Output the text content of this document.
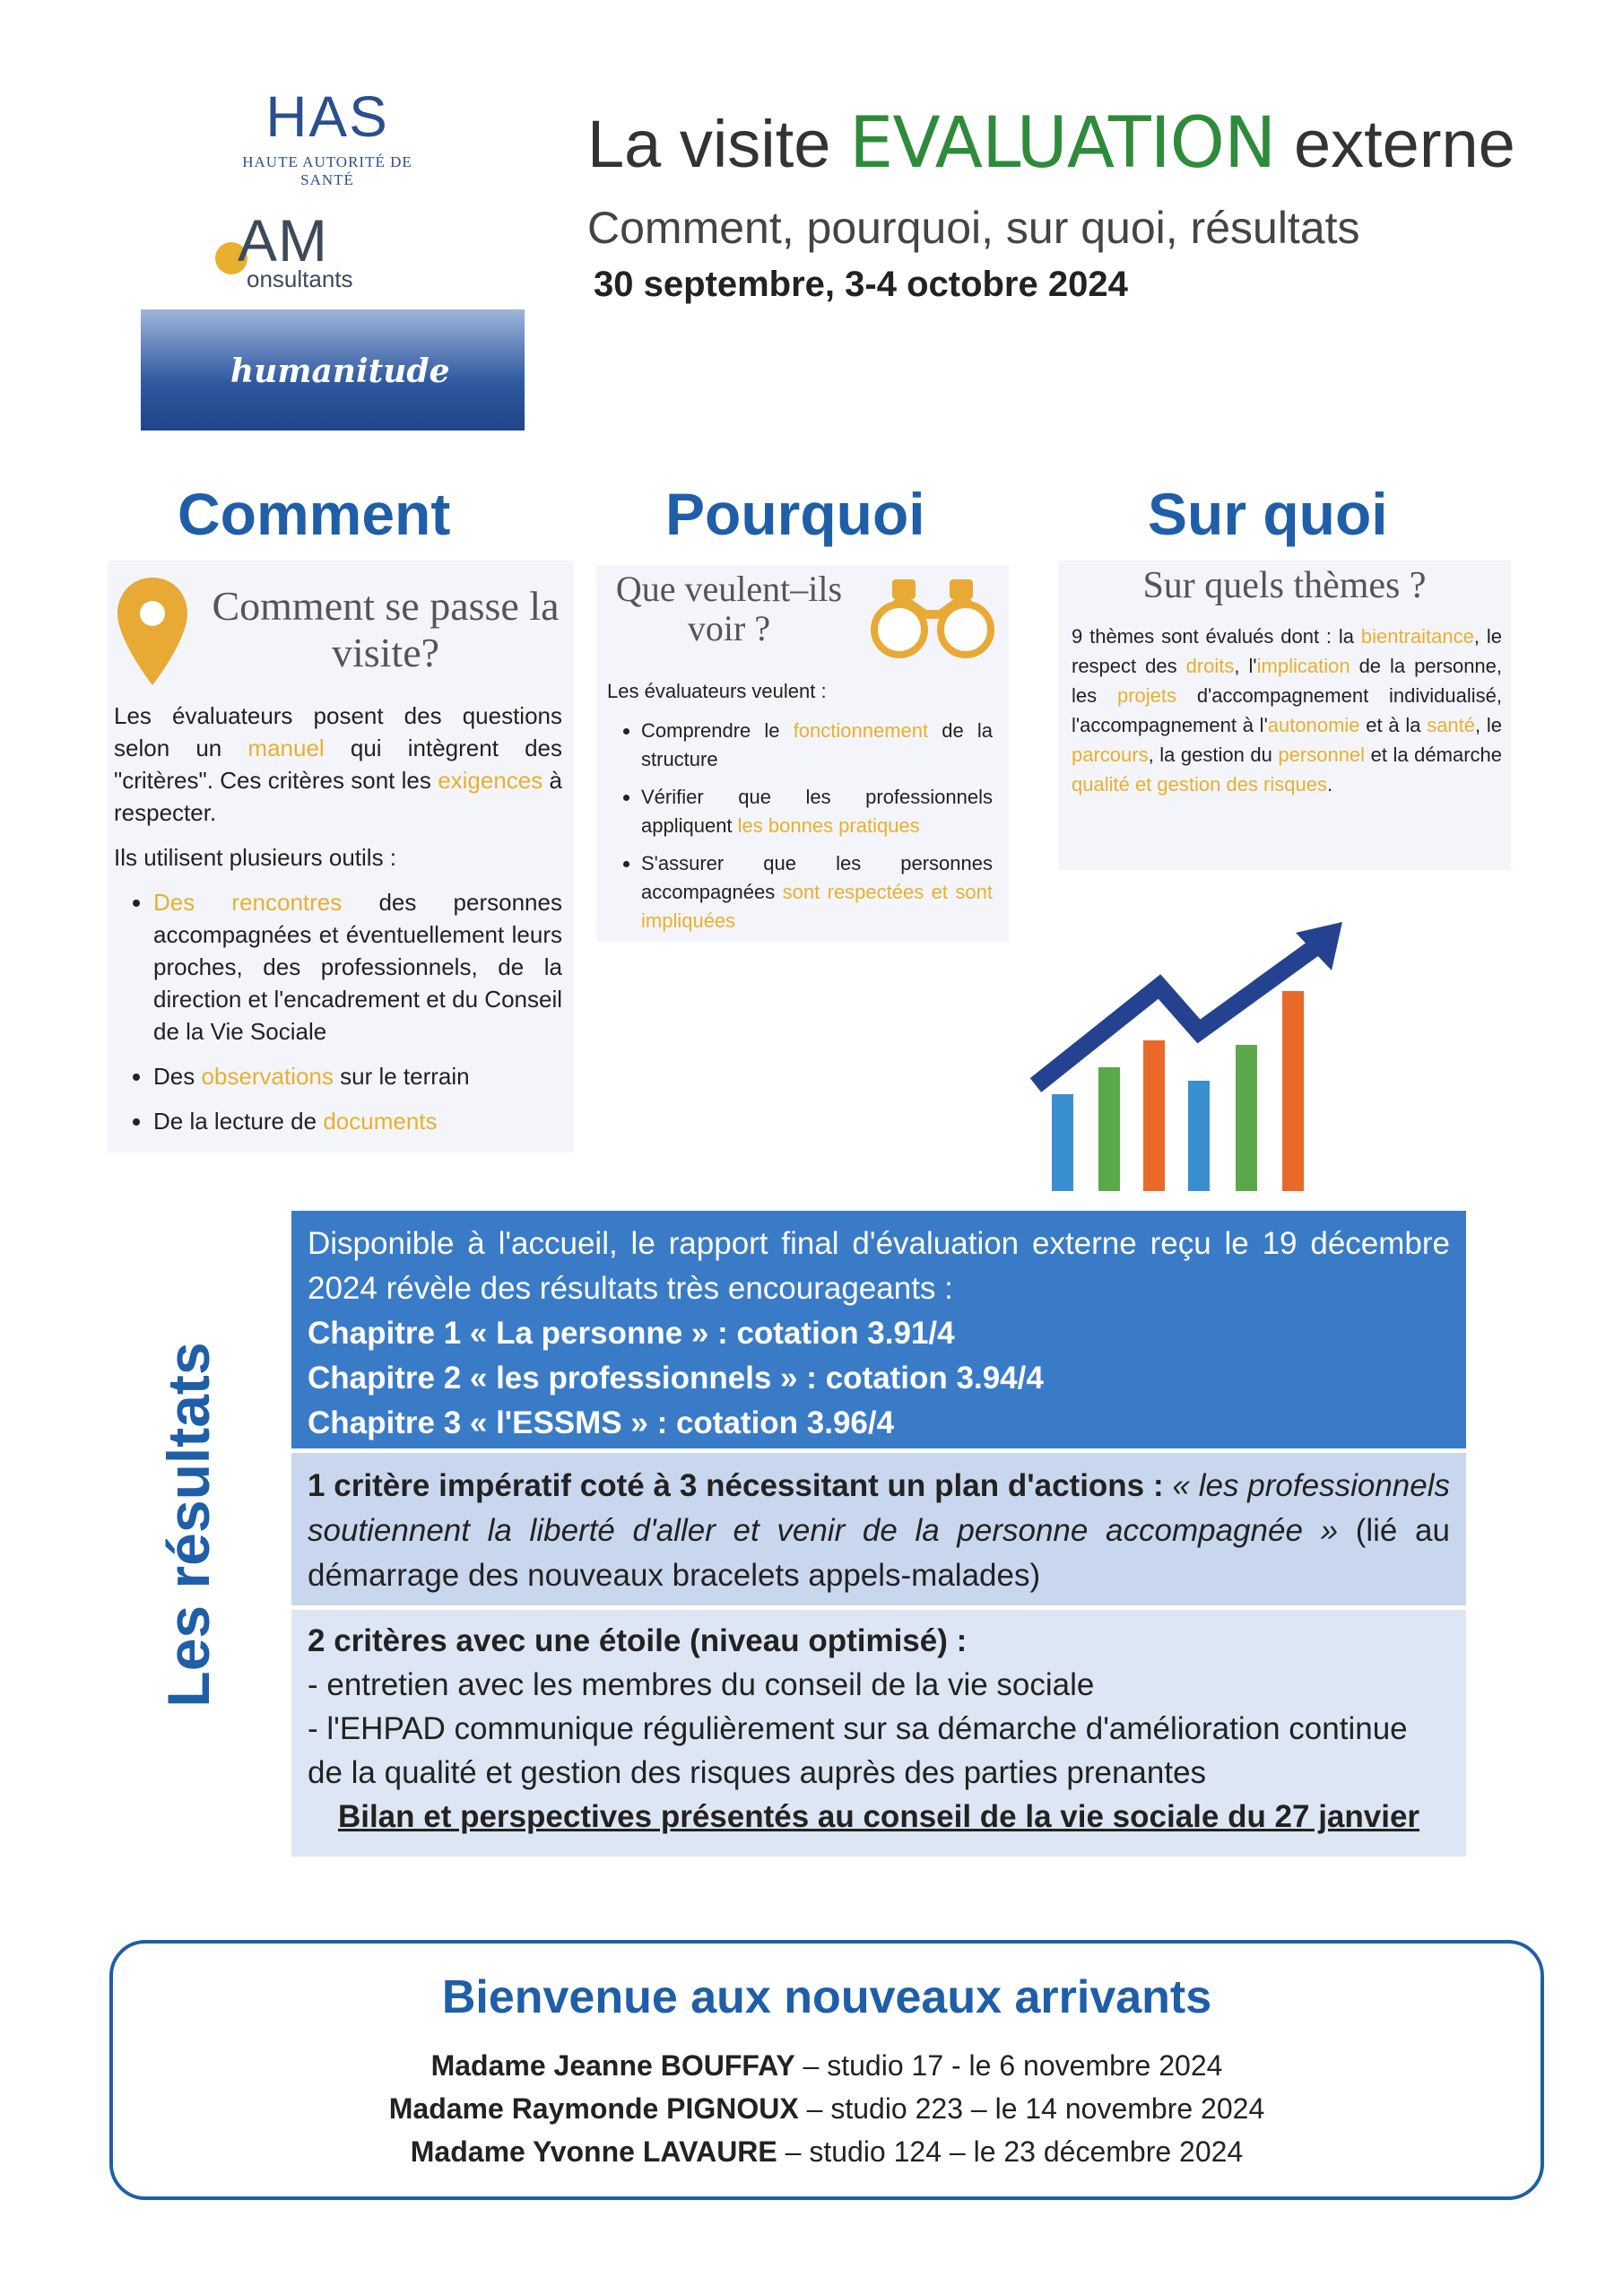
HAS
HAUTE AUTORITÉ DE SANTÉ
AM
onsultants
humanitude
La visite EVALUATION externe
Comment, pourquoi, sur quoi, résultats
30 septembre, 3-4 octobre 2024
Comment
Comment se passe la visite?

Les évaluateurs posent des questions selon un manuel qui intègrent des "critères". Ces critères sont les exigences à respecter.

Ils utilisent plusieurs outils :

• Des rencontres des personnes accompagnées et éventuellement leurs proches, des professionnels, de la direction et l'encadrement et du Conseil de la Vie Sociale
• Des observations sur le terrain
• De la lecture de documents
Pourquoi
Que veulent–ils voir ?

Les évaluateurs veulent :

• Comprendre le fonctionnement de la structure
• Vérifier que les professionnels appliquent les bonnes pratiques
• S'assurer que les personnes accompagnées sont respectées et sont impliquées
Sur quoi
Sur quels thèmes ?
9 thèmes sont évalués dont : la bientraitance, le respect des droits, l'implication de la personne, les projets d'accompagnement individualisé, l'accompagnement à l'autonomie et à la santé, le parcours, la gestion du personnel et la démarche qualité et gestion des risques.
Les résultats

Disponible à l'accueil, le rapport final d'évaluation externe reçu le 19 décembre 2024 révèle des résultats très encourageants :

Chapitre 1 « La personne » : cotation 3.91/4

Chapitre 2 « les professionnels » : cotation 3.94/4

Chapitre 3 « l'ESSMS » : cotation 3.96/4

1 critère impératif coté à 3 nécessitant un plan d'actions : « les professionnels soutiennent la liberté d'aller et venir de la personne accompagnée » (lié au démarrage des nouveaux bracelets appels-malades)

2 critères avec une étoile (niveau optimisé) :

- entretien avec les membres du conseil de la vie sociale

- l'EHPAD communique régulièrement sur sa démarche d'amélioration continue de la qualité et gestion des risques auprès des parties prenantes

Bilan et perspectives présentés au conseil de la vie sociale du 27 janvier

Bienvenue aux nouveaux arrivants
Madame Jeanne BOUFFAY – studio 17 - le 6 novembre 2024
Madame Raymonde PIGNOUX – studio 223 – le 14 novembre 2024
Madame Yvonne LAVAURE – studio 124 – le 23 décembre 2024
